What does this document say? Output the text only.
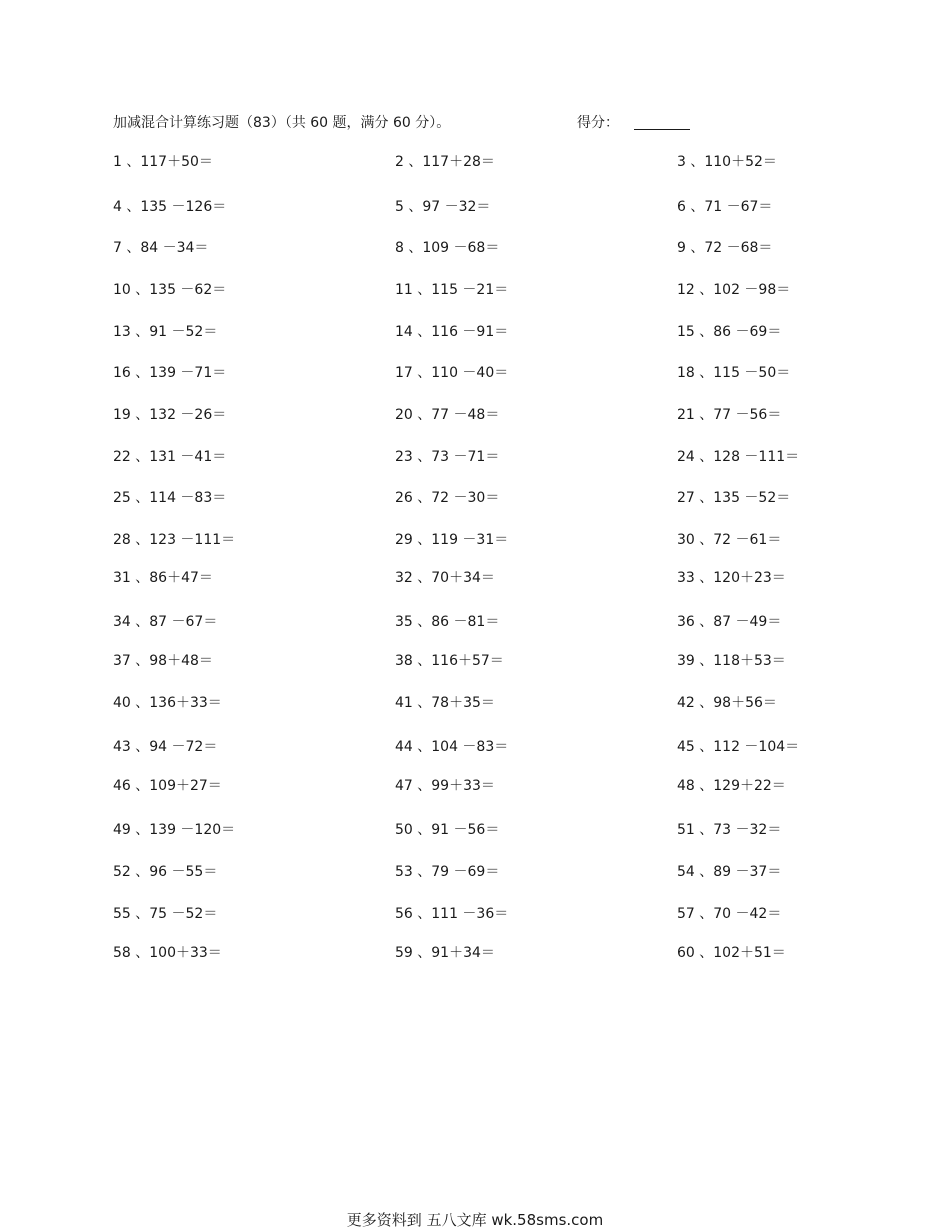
加减混合计算练习题（83）（共 60 题，满分 60 分）。	得分：
1 、117＋50＝	2 、117＋28＝	3 、110＋52＝
4 、135 －126＝	5 、97 －32＝	6 、71 －67＝
7 、84 －34＝	8 、109 －68＝	9 、72 －68＝
10 、135 －62＝	11 、115 －21＝	12 、102 －98＝
13 、91 －52＝	14 、116 －91＝	15 、86 －69＝
16 、139 －71＝	17 、110 －40＝	18 、115 －50＝
19 、132 －26＝	20 、77 －48＝	21 、77 －56＝
22 、131 －41＝	23 、73 －71＝	24 、128 －111＝
25 、114 －83＝	26 、72 －30＝	27 、135 －52＝
28 、123 －111＝	29 、119 －31＝	30 、72 －61＝
31 、86＋47＝	32 、70＋34＝	33 、120＋23＝
34 、87 －67＝	35 、86 －81＝	36 、87 －49＝
37 、98＋48＝	38 、116＋57＝	39 、118＋53＝
40 、136＋33＝	41 、78＋35＝	42 、98＋56＝
43 、94 －72＝	44 、104 －83＝	45 、112 －104＝
46 、109＋27＝	47 、99＋33＝	48 、129＋22＝
49 、139 －120＝	50 、91 －56＝	51 、73 －32＝
52 、96 －55＝	53 、79 －69＝	54 、89 －37＝
55 、75 －52＝	56 、111 －36＝	57 、70 －42＝
58 、100＋33＝	59 、91＋34＝	60 、102＋51＝
更多资料到 五八文库 wk.58sms.com
